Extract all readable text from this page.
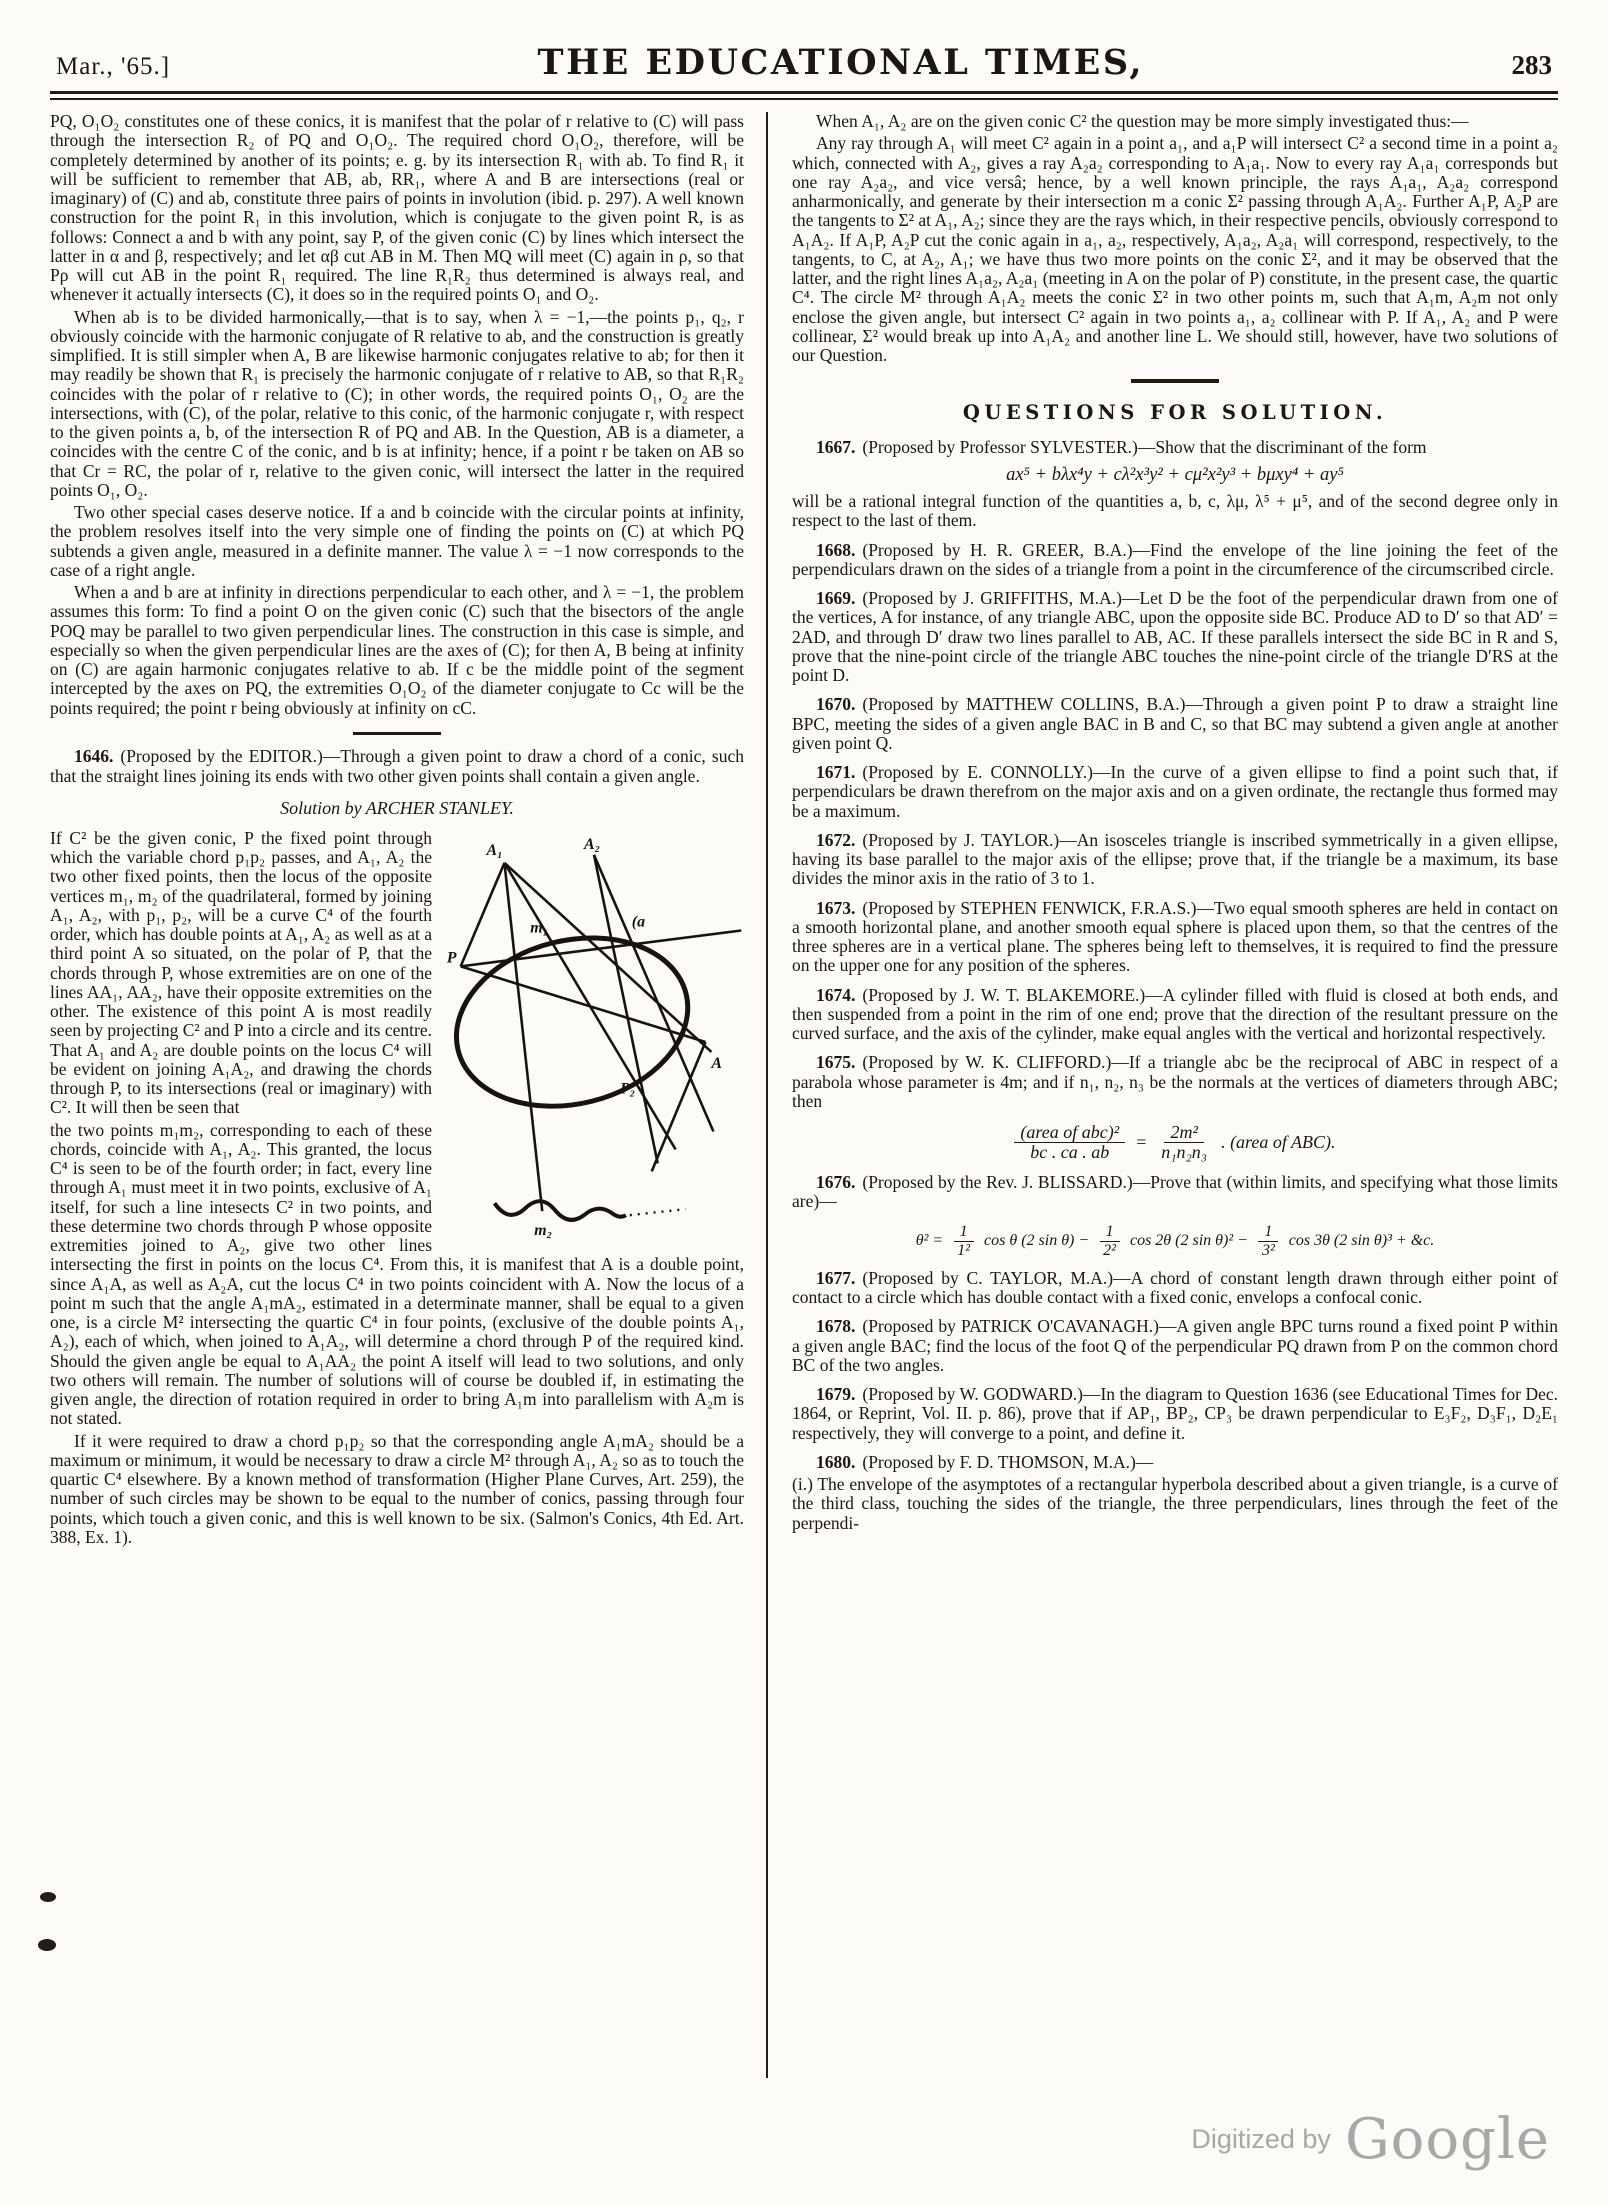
Mar., '65.]	THE EDUCATIONAL TIMES,	283

PQ, O₁O₂ constitutes one of these conics, it is manifest that the polar of r relative to (C) will pass through the intersection R₂ of PQ and O₁O₂. The required chord O₁O₂, therefore, will be completely determined by another of its points; e. g. by its intersection R₁ with ab. To find R₁ it will be sufficient to remember that AB, ab, RR₁, where A and B are intersections (real or imaginary) of (C) and ab, constitute three pairs of points in involution (ibid. p. 297). A well known construction for the point R₁ in this involution, which is conjugate to the given point R, is as follows: Connect a and b with any point, say P, of the given conic (C) by lines which intersect the latter in α and β, respectively; and let αβ cut AB in M. Then MQ will meet (C) again in ρ, so that Pρ will cut AB in the point R₁ required. The line R₁R₂ thus determined is always real, and whenever it actually intersects (C), it does so in the required points O₁ and O₂.

When ab is to be divided harmonically,—that is to say, when λ = −1,—the points p₁, q₂, r obviously coincide with the harmonic conjugate of R relative to ab, and the construction is greatly simplified. It is still simpler when A, B are likewise harmonic conjugates relative to ab; for then it may readily be shown that R₁ is precisely the harmonic conjugate of r relative to AB, so that R₁R₂ coincides with the polar of r relative to (C); in other words, the required points O₁, O₂ are the intersections, with (C), of the polar, relative to this conic, of the harmonic conjugate r, with respect to the given points a, b, of the intersection R of PQ and AB. In the Question, AB is a diameter, a coincides with the centre C of the conic, and b is at infinity; hence, if a point r be taken on AB so that Cr = RC, the polar of r, relative to the given conic, will intersect the latter in the required points O₁, O₂.

Two other special cases deserve notice. If a and b coincide with the circular points at infinity, the problem resolves itself into the very simple one of finding the points on (C) at which PQ subtends a given angle, measured in a definite manner. The value λ = −1 now corresponds to the case of a right angle.

When a and b are at infinity in directions perpendicular to each other, and λ = −1, the problem assumes this form: To find a point O on the given conic (C) such that the bisectors of the angle POQ may be parallel to two given perpendicular lines. The construction in this case is simple, and especially so when the given perpendicular lines are the axes of (C); for then A, B being at infinity on (C) are again harmonic conjugates relative to ab. If c be the middle point of the segment intercepted by the axes on PQ, the extremities O₁O₂ of the diameter conjugate to Cc will be the points required; the point r being obviously at infinity on cC.

1646. (Proposed by the EDITOR.)—Through a given point to draw a chord of a conic, such that the straight lines joining its ends with two other given points shall contain a given angle.

Solution by ARCHER STANLEY.

A₁	A₂
P
m₁	(a
A
P₂
m₂
If C² be the given conic, P the fixed point through which the variable chord p₁p₂ passes, and A₁, A₂ the two other fixed points, then the locus of the opposite vertices m₁, m₂ of the quadrilateral, formed by joining A₁, A₂, with p₁, p₂, will be a curve C⁴ of the fourth order, which has double points at A₁, A₂ as well as at a third point A so situated, on the polar of P, that the chords through P, whose extremities are on one of the lines AA₁, AA₂, have their opposite extremities on the other. The existence of this point A is most readily seen by projecting C² and P into a circle and its centre. That A₁ and A₂ are double points on the locus C⁴ will be evident on joining A₁A₂, and drawing the chords through P, to its intersections (real or imaginary) with C². It will then be seen that

the two points m₁m₂, corresponding to each of these chords, coincide with A₁, A₂. This granted, the locus C⁴ is seen to be of the fourth order; in fact, every line through A₁ must meet it in two points, exclusive of A₁ itself, for such a line intesects C² in two points, and these determine two chords through P whose opposite extremities joined to A₂, give two other lines intersecting the first in points on the locus C⁴. From this, it is manifest that A is a double point, since A₁A, as well as A₂A, cut the locus C⁴ in two points coincident with A. Now the locus of a point m such that the angle A₁mA₂, estimated in a determinate manner, shall be equal to a given one, is a circle M² intersecting the quartic C⁴ in four points, (exclusive of the double points A₁, A₂), each of which, when joined to A₁A₂, will determine a chord through P of the required kind. Should the given angle be equal to A₁AA₂ the point A itself will lead to two solutions, and only two others will remain. The number of solutions will of course be doubled if, in estimating the given angle, the direction of rotation required in order to bring A₁m into parallelism with A₂m is not stated.

If it were required to draw a chord p₁p₂ so that the corresponding angle A₁mA₂ should be a maximum or minimum, it would be necessary to draw a circle M² through A₁, A₂ so as to touch the quartic C⁴ elsewhere. By a known method of transformation (Higher Plane Curves, Art. 259), the number of such circles may be shown to be equal to the number of conics, passing through four points, which touch a given conic, and this is well known to be six. (Salmon's Conics, 4th Ed. Art. 388, Ex. 1).

When A₁, A₂ are on the given conic C² the question may be more simply investigated thus:—

Any ray through A₁ will meet C² again in a point a₁, and a₁P will intersect C² a second time in a point a₂ which, connected with A₂, gives a ray A₂a₂ corresponding to A₁a₁. Now to every ray A₁a₁ corresponds but one ray A₂a₂, and vice versâ; hence, by a well known principle, the rays A₁a₁, A₂a₂ correspond anharmonically, and generate by their intersection m a conic Σ² passing through A₁A₂. Further A₁P, A₂P are the tangents to Σ² at A₁, A₂; since they are the rays which, in their respective pencils, obviously correspond to A₁A₂. If A₁P, A₂P cut the conic again in a₁, a₂, respectively, A₁a₂, A₂a₁ will correspond, respectively, to the tangents, to C, at A₂, A₁; we have thus two more points on the conic Σ², and it may be observed that the latter, and the right lines A₁a₂, A₂a₁ (meeting in A on the polar of P) constitute, in the present case, the quartic C⁴. The circle M² through A₁A₂ meets the conic Σ² in two other points m, such that A₁m, A₂m not only enclose the given angle, but intersect C² again in two points a₁, a₂ collinear with P. If A₁, A₂ and P were collinear, Σ² would break up into A₁A₂ and another line L. We should still, however, have two solutions of our Question.

QUESTIONS FOR SOLUTION.

1667. (Proposed by Professor SYLVESTER.)—Show that the discriminant of the form

ax⁵ + bλx⁴y + cλ²x³y² + cμ²x²y³ + bμxy⁴ + ay⁵

will be a rational integral function of the quantities a, b, c, λμ, λ⁵ + μ⁵, and of the second degree only in respect to the last of them.

1668. (Proposed by H. R. GREER, B.A.)—Find the envelope of the line joining the feet of the perpendiculars drawn on the sides of a triangle from a point in the circumference of the circumscribed circle.

1669. (Proposed by J. GRIFFITHS, M.A.)—Let D be the foot of the perpendicular drawn from one of the vertices, A for instance, of any triangle ABC, upon the opposite side BC. Produce AD to D′ so that AD′ = 2AD, and through D′ draw two lines parallel to AB, AC. If these parallels intersect the side BC in R and S, prove that the nine-point circle of the triangle ABC touches the nine-point circle of the triangle D′RS at the point D.

1670. (Proposed by MATTHEW COLLINS, B.A.)—Through a given point P to draw a straight line BPC, meeting the sides of a given angle BAC in B and C, so that BC may subtend a given angle at another given point Q.

1671. (Proposed by E. CONNOLLY.)—In the curve of a given ellipse to find a point such that, if perpendiculars be drawn therefrom on the major axis and on a given ordinate, the rectangle thus formed may be a maximum.

1672. (Proposed by J. TAYLOR.)—An isosceles triangle is inscribed symmetrically in a given ellipse, having its base parallel to the major axis of the ellipse; prove that, if the triangle be a maximum, its base divides the minor axis in the ratio of 3 to 1.

1673. (Proposed by STEPHEN FENWICK, F.R.A.S.)—Two equal smooth spheres are held in contact on a smooth horizontal plane, and another smooth equal sphere is placed upon them, so that the centres of the three spheres are in a vertical plane. The spheres being left to themselves, it is required to find the pressure on the upper one for any position of the spheres.

1674. (Proposed by J. W. T. BLAKEMORE.)—A cylinder filled with fluid is closed at both ends, and then suspended from a point in the rim of one end; prove that the direction of the resultant pressure on the curved surface, and the axis of the cylinder, make equal angles with the vertical and horizontal respectively.

1675. (Proposed by W. K. CLIFFORD.)—If a triangle abc be the reciprocal of ABC in respect of a parabola whose parameter is 4m; and if n₁, n₂, n₃ be the normals at the vertices of diameters through ABC; then

$\frac{\text{(area of abc)²}}{bc . ca . ab} = \frac{\text{2m²}}{\text{n₁n₂n₃}}$ . (area of ABC).

1676. (Proposed by the Rev. J. BLISSARD.)—Prove that (within limits, and specifying what those limits are)—

$\theta^2 = \frac{1}{\text{1²}}$ cos θ (2 $\sin \theta) - \frac{1}{\text{2²}}$ cos 2θ (2 $\sin \theta)^2 - \frac{1}{\text{3²}}$ cos 3θ (2 sin θ)³ + &c.

1677. (Proposed by C. TAYLOR, M.A.)—A chord of constant length drawn through either point of contact to a circle which has double contact with a fixed conic, envelops a confocal conic.

1678. (Proposed by PATRICK O'CAVANAGH.)—A given angle BPC turns round a fixed point P within a given angle BAC; find the locus of the foot Q of the perpendicular PQ drawn from P on the common chord BC of the two angles.

1679. (Proposed by W. GODWARD.)—In the diagram to Question 1636 (see Educational Times for Dec. 1864, or Reprint, Vol. II. p. 86), prove that if AP₁, BP₂, CP₃ be drawn perpendicular to E₃F₂, D₃F₁, D₂E₁ respectively, they will converge to a point, and define it.

1680. (Proposed by F. D. THOMSON, M.A.)—

(i.) The envelope of the asymptotes of a rectangular hyperbola described about a given triangle, is a curve of the third class, touching the sides of the triangle, the three perpendiculars, lines through the feet of the perpendi-

Digitized by Google
